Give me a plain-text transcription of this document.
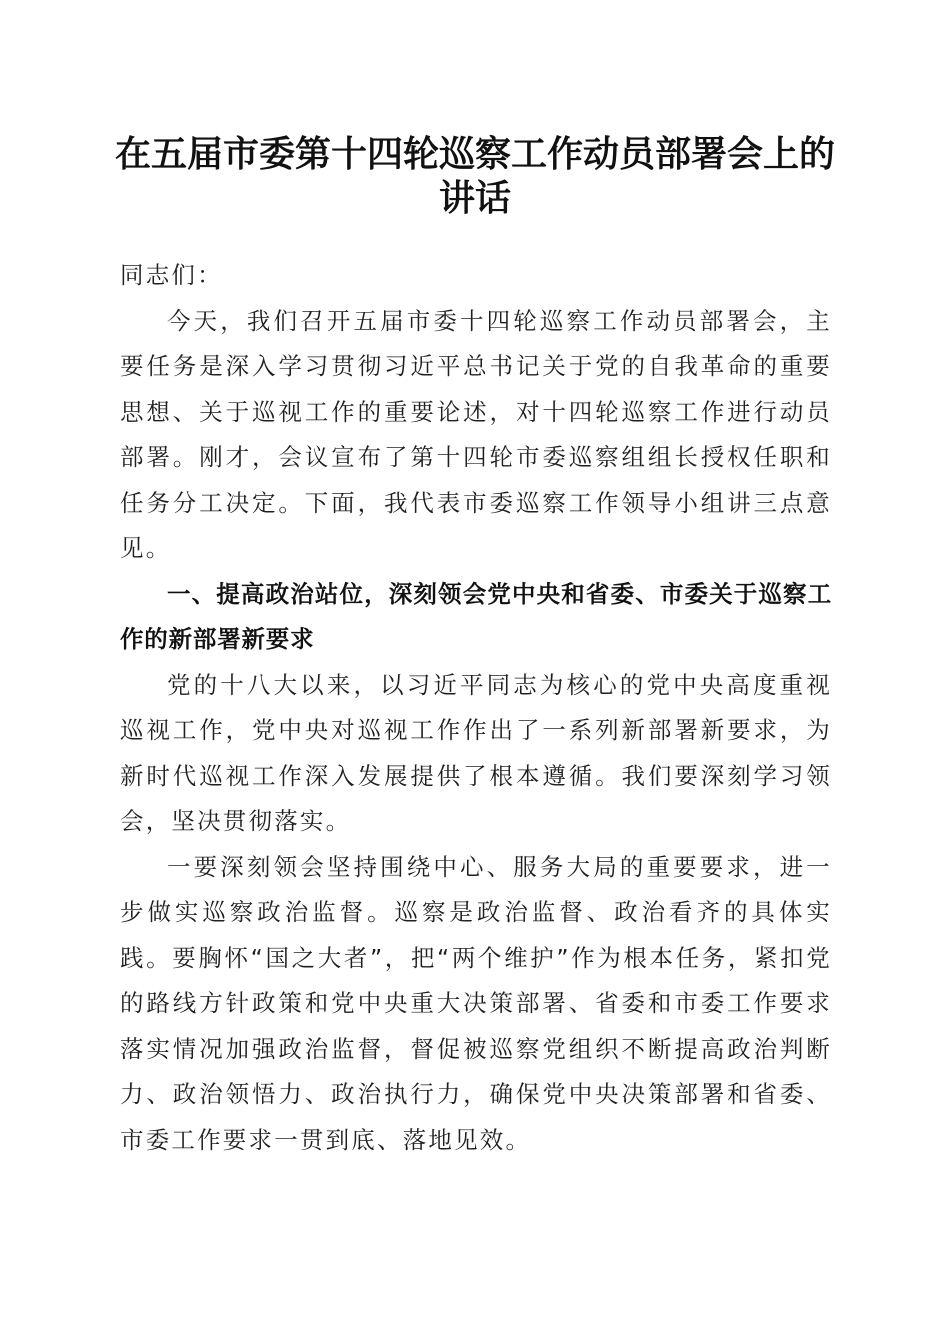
在五届市委第十四轮巡察工作动员部署会上的讲话

同志们：

今天，我们召开五届市委十四轮巡察工作动员部署会，主要任务是深入学习贯彻习近平总书记关于党的自我革命的重要思想、关于巡视工作的重要论述，对十四轮巡察工作进行动员部署。刚才，会议宣布了第十四轮市委巡察组组长授权任职和任务分工决定。下面，我代表市委巡察工作领导小组讲三点意见。

一、提高政治站位，深刻领会党中央和省委、市委关于巡察工作的新部署新要求

党的十八大以来，以习近平同志为核心的党中央高度重视巡视工作，党中央对巡视工作作出了一系列新部署新要求，为新时代巡视工作深入发展提供了根本遵循。我们要深刻学习领会，坚决贯彻落实。

一要深刻领会坚持围绕中心、服务大局的重要要求，进一步做实巡察政治监督。巡察是政治监督、政治看齐的具体实践。要胸怀“国之大者”，把“两个维护”作为根本任务，紧扣党的路线方针政策和党中央重大决策部署、省委和市委工作要求落实情况加强政治监督，督促被巡察党组织不断提高政治判断力、政治领悟力、政治执行力，确保党中央决策部署和省委、市委工作要求一贯到底、落地见效。
